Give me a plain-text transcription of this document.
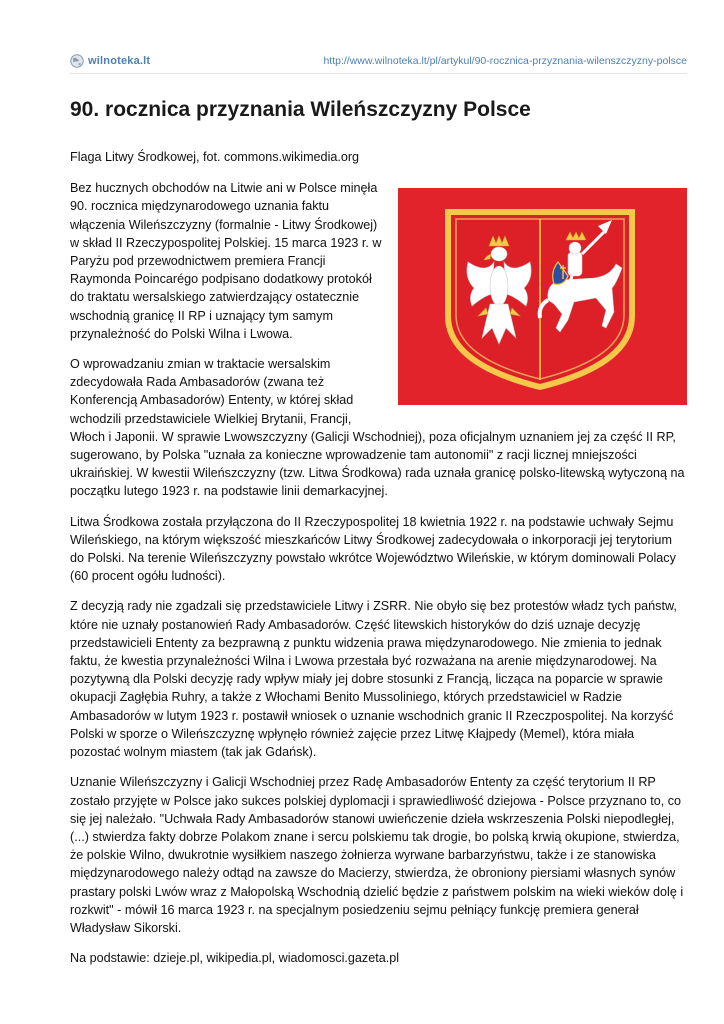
wilnoteka.lt	http://www.wilnoteka.lt/pl/artykul/90-rocznica-przyznania-wilenszczyzny-polsce
90. rocznica przyznania Wileńszczyzny Polsce

Flaga Litwy Środkowej, fot. commons.wikimedia.org

Bez hucznych obchodów na Litwie ani w Polsce minęła 90. rocznica międzynarodowego uznania faktu włączenia Wileńszczyzny (formalnie - Litwy Środkowej) w skład II Rzeczypospolitej Polskiej. 15 marca 1923 r. w Paryżu pod przewodnictwem premiera Francji Raymonda Poincarégo podpisano dodatkowy protokół do traktatu wersalskiego zatwierdzający ostatecznie wschodnią granicę II RP i uznający tym samym przynależność do Polski Wilna i Lwowa.

O wprowadzaniu zmian w traktacie wersalskim zdecydowała Rada Ambasadorów (zwana też Konferencją Ambasadorów) Ententy, w której skład wchodzili przedstawiciele Wielkiej Brytanii, Francji, Włoch i Japonii. W sprawie Lwowszczyzny (Galicji Wschodniej), poza oficjalnym uznaniem jej za część II RP, sugerowano, by Polska "uznała za konieczne wprowadzenie tam autonomii" z racji licznej mniejszości ukraińskiej. W kwestii Wileńszczyzny (tzw. Litwa Środkowa) rada uznała granicę polsko-litewską wytyczoną na początku lutego 1923 r. na podstawie linii demarkacyjnej.

Litwa Środkowa została przyłączona do II Rzeczypospolitej 18 kwietnia 1922 r. na podstawie uchwały Sejmu Wileńskiego, na którym większość mieszkańców Litwy Środkowej zadecydowała o inkorporacji jej terytorium do Polski. Na terenie Wileńszczyzny powstało wkrótce Województwo Wileńskie, w którym dominowali Polacy (60 procent ogółu ludności).

Z decyzją rady nie zgadzali się przedstawiciele Litwy i ZSRR. Nie obyło się bez protestów władz tych państw, które nie uznały postanowień Rady Ambasadorów. Część litewskich historyków do dziś uznaje decyzję przedstawicieli Ententy za bezprawną z punktu widzenia prawa międzynarodowego. Nie zmienia to jednak faktu, że kwestia przynależności Wilna i Lwowa przestała być rozważana na arenie międzynarodowej. Na pozytywną dla Polski decyzję rady wpływ miały jej dobre stosunki z Francją, licząca na poparcie w sprawie okupacji Zagłębia Ruhry, a także z Włochami Benito Mussoliniego, których przedstawiciel w Radzie Ambasadorów w lutym 1923 r. postawił wniosek o uznanie wschodnich granic II Rzeczpospolitej. Na korzyść Polski w sporze o Wileńszczyznę wpłynęło również zajęcie przez Litwę Kłajpedy (Memel), która miała pozostać wolnym miastem (tak jak Gdańsk).

Uznanie Wileńszczyzny i Galicji Wschodniej przez Radę Ambasadorów Ententy za część terytorium II RP zostało przyjęte w Polsce jako sukces polskiej dyplomacji i sprawiedliwość dziejowa - Polsce przyznano to, co się jej należało. "Uchwała Rady Ambasadorów stanowi uwieńczenie dzieła wskrzeszenia Polski niepodległej, (...) stwierdza fakty dobrze Polakom znane i sercu polskiemu tak drogie, bo polską krwią okupione, stwierdza, że polskie Wilno, dwukrotnie wysiłkiem naszego żołnierza wyrwane barbarzyństwu, także i ze stanowiska międzynarodowego należy odtąd na zawsze do Macierzy, stwierdza, że obroniony piersiami własnych synów prastary polski Lwów wraz z Małopolską Wschodnią dzielić będzie z państwem polskim na wieki wieków dolę i rozkwit" - mówił 16 marca 1923 r. na specjalnym posiedzeniu sejmu pełniący funkcję premiera generał Władysław Sikorski.

Na podstawie: dzieje.pl, wikipedia.pl, wiadomosci.gazeta.pl
